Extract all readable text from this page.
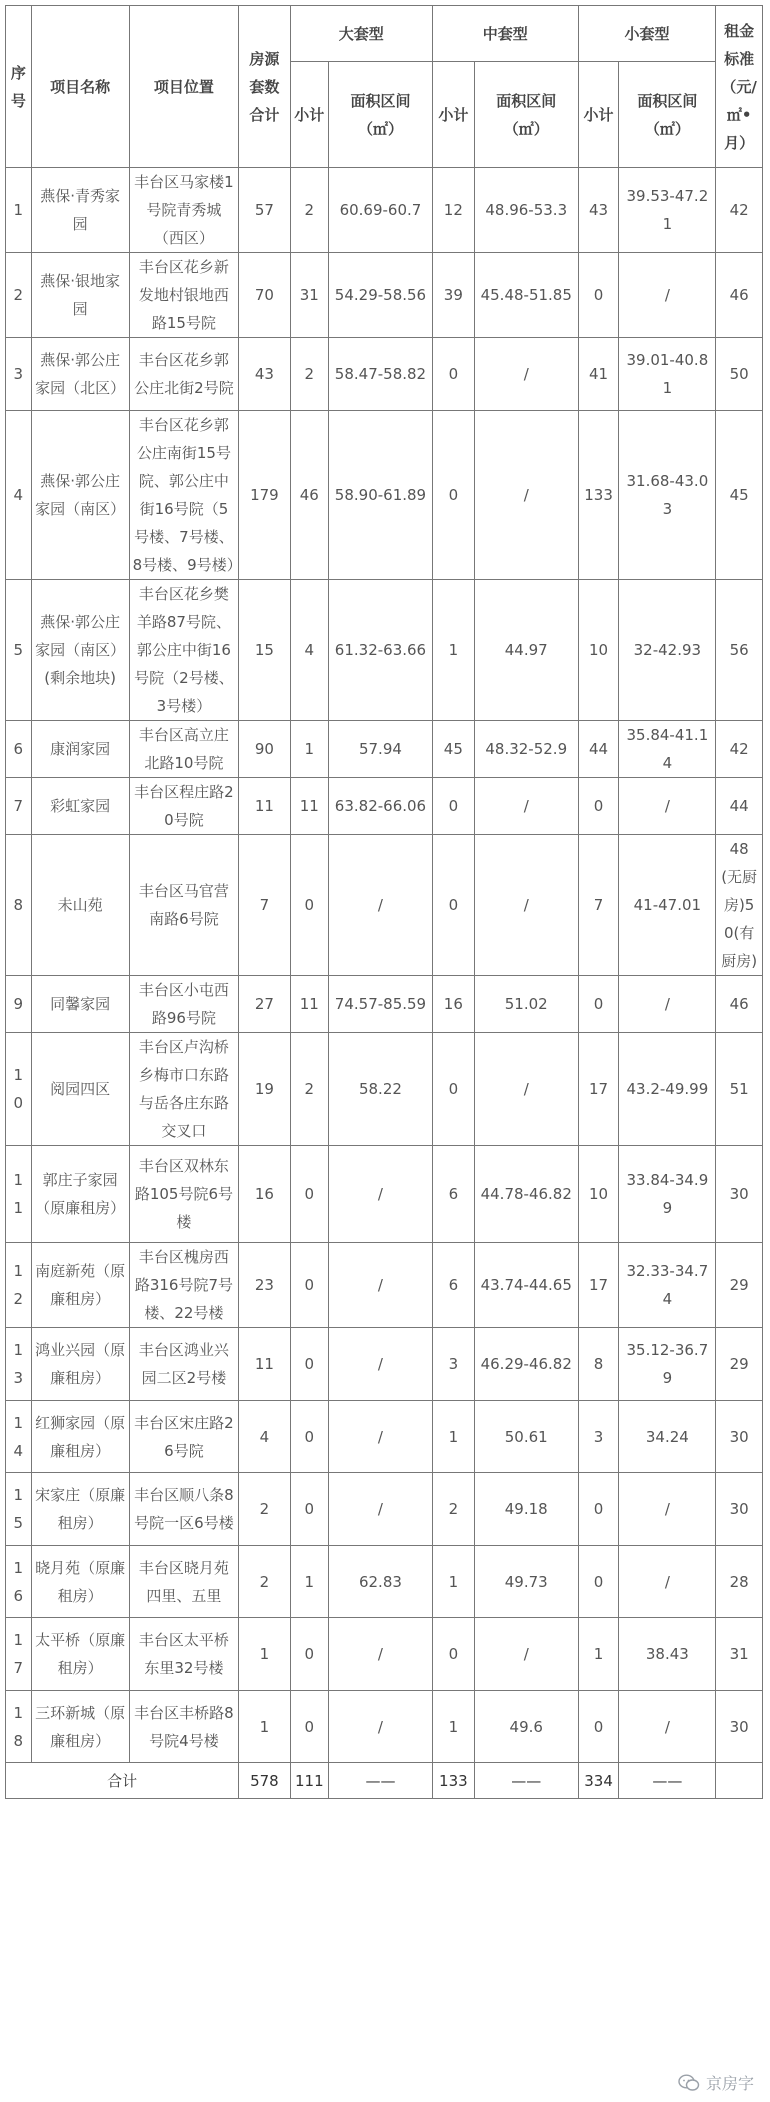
序号	项目名称	项目位置	房源套数合计	大套型		中套型		小套型		租金标准（元/㎡•月）
				小计	面积区间（㎡）	小计	面积区间（㎡）	小计	面积区间（㎡）	
1	燕保·青秀家园	丰台区马家楼1号院青秀城（西区）	57	2	60.69-60.7	12	48.96-53.3	43	39.53-47.21	42
2	燕保·银地家园	丰台区花乡新发地村银地西路15号院	70	31	54.29-58.56	39	45.48-51.85	0	/	46
3	燕保·郭公庄家园（北区）	丰台区花乡郭公庄北街2号院	43	2	58.47-58.82	0	/	41	39.01-40.81	50
4	燕保·郭公庄家园（南区）	丰台区花乡郭公庄南街15号院、郭公庄中街16号院（5号楼、7号楼、8号楼、9号楼）	179	46	58.90-61.89	0	/	133	31.68-43.03	45
5	燕保·郭公庄家园（南区）(剩余地块)	丰台区花乡樊羊路87号院、郭公庄中街16号院（2号楼、3号楼）	15	4	61.32-63.66	1	44.97	10	32-42.93	56
6	康润家园	丰台区高立庄北路10号院	90	1	57.94	45	48.32-52.9	44	35.84-41.14	42
7	彩虹家园	丰台区程庄路20号院	11	11	63.82-66.06	0	/	0	/	44
8	未山苑	丰台区马官营南路6号院	7	0	/	0	/	7	41-47.01	48(无厨房)50(有厨房)
9	同馨家园	丰台区小屯西路96号院	27	11	74.57-85.59	16	51.02	0	/	46
10	阅园四区	丰台区卢沟桥乡梅市口东路与岳各庄东路交叉口	19	2	58.22	0	/	17	43.2-49.99	51
11	郭庄子家园（原廉租房）	丰台区双林东路105号院6号楼	16	0	/	6	44.78-46.82	10	33.84-34.99	30
12	南庭新苑（原廉租房）	丰台区槐房西路316号院7号楼、22号楼	23	0	/	6	43.74-44.65	17	32.33-34.74	29
13	鸿业兴园（原廉租房）	丰台区鸿业兴园二区2号楼	11	0	/	3	46.29-46.82	8	35.12-36.79	29
14	红狮家园（原廉租房）	丰台区宋庄路26号院	4	0	/	1	50.61	3	34.24	30
15	宋家庄（原廉租房）	丰台区顺八条8号院一区6号楼	2	0	/	2	49.18	0	/	30
16	晓月苑（原廉租房）	丰台区晓月苑四里、五里	2	1	62.83	1	49.73	0	/	28
17	太平桥（原廉租房）	丰台区太平桥东里32号楼	1	0	/	0	/	1	38.43	31
18	三环新城（原廉租房）	丰台区丰桥路8号院4号楼	1	0	/	1	49.6	0	/	30
合计			578	111	——	133	——	334	——	
京房字
